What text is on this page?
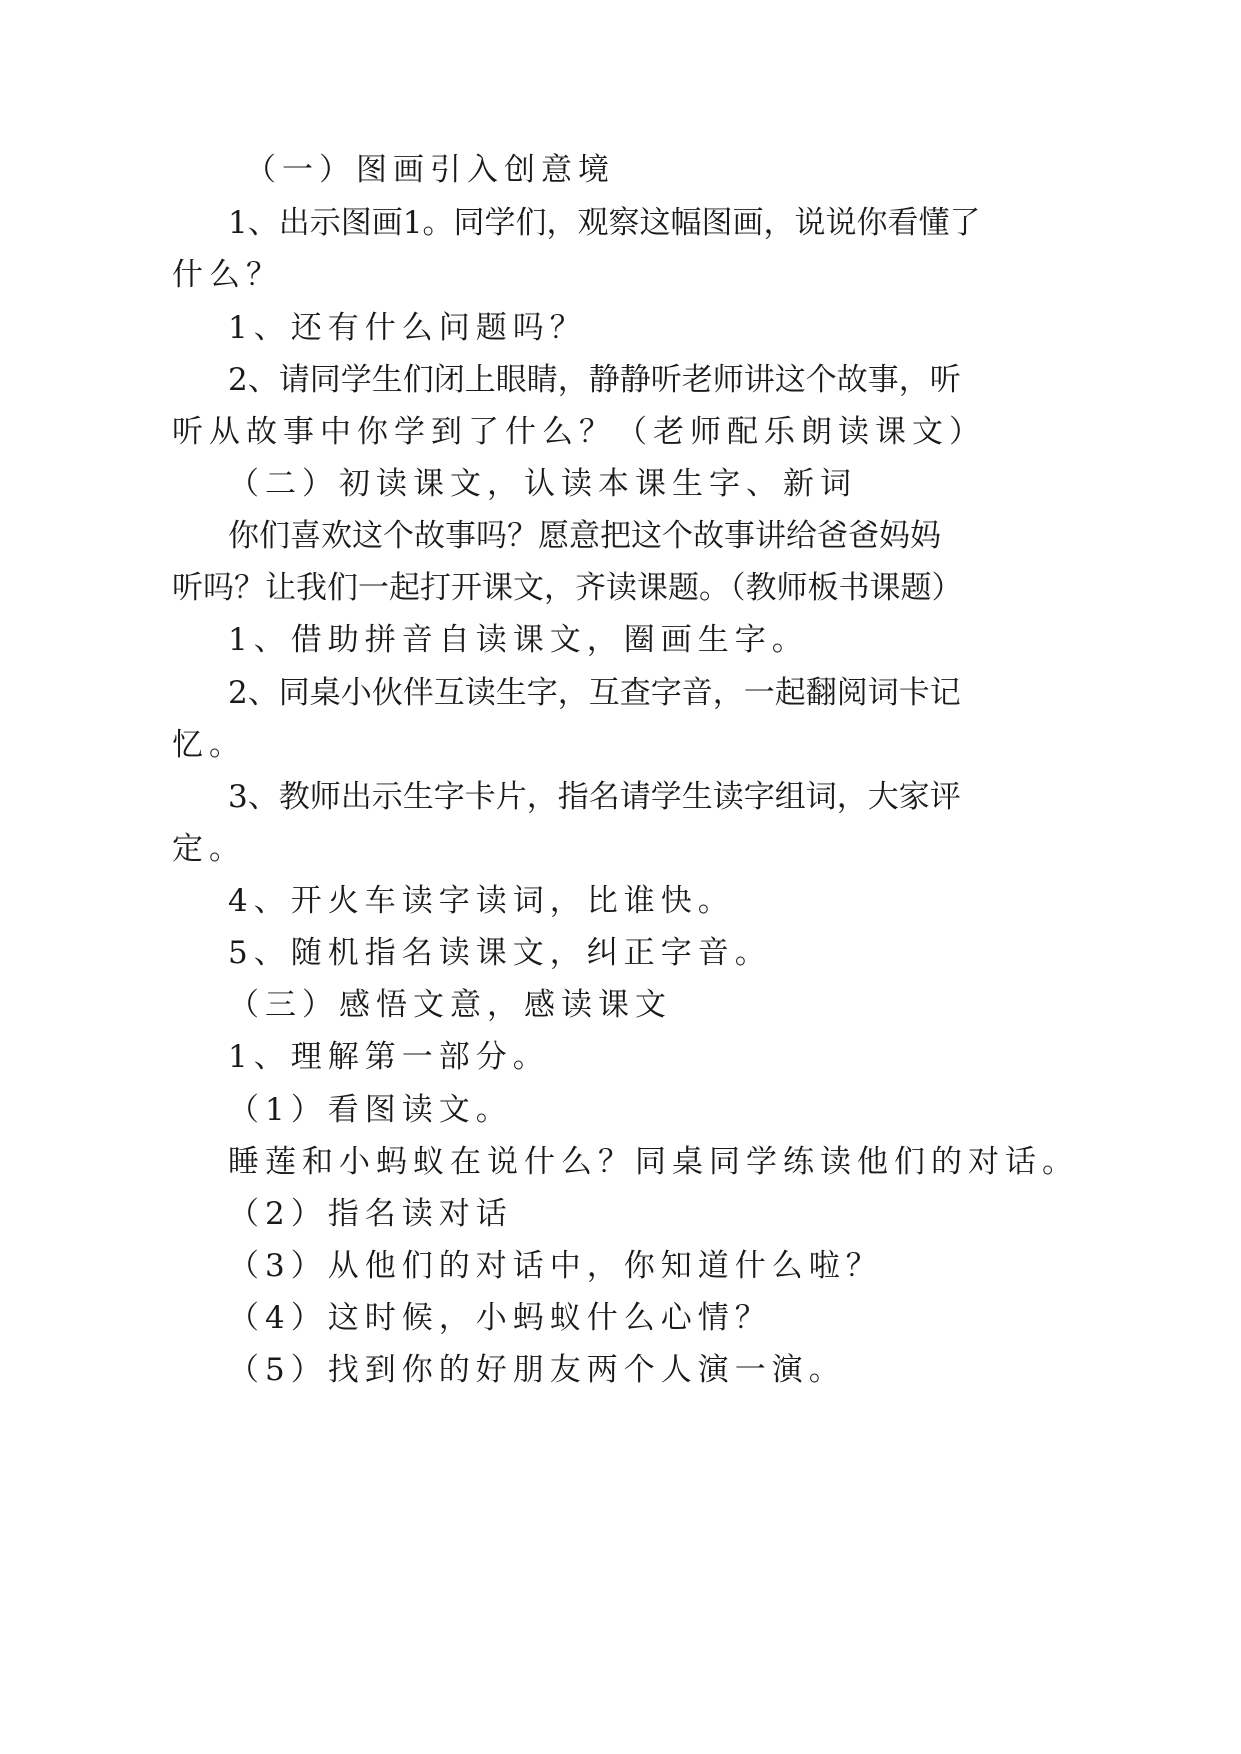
（一）图画引入创意境
1、出示图画1。同学们，观察这幅图画，说说你看懂了
什么？
1、还有什么问题吗？
2、请同学生们闭上眼睛，静静听老师讲这个故事，听
听从故事中你学到了什么？（老师配乐朗读课文）
（二）初读课文，认读本课生字、新词
你们喜欢这个故事吗？愿意把这个故事讲给爸爸妈妈
听吗？让我们一起打开课文，齐读课题。（教师板书课题）
1、借助拼音自读课文，圈画生字。
2、同桌小伙伴互读生字，互查字音，一起翻阅词卡记
忆。
3、教师出示生字卡片，指名请学生读字组词，大家评
定。
4、开火车读字读词，比谁快。
5、随机指名读课文，纠正字音。
（三）感悟文意，感读课文
1、理解第一部分。
（1）看图读文。
睡莲和小蚂蚁在说什么？同桌同学练读他们的对话。
（2）指名读对话
（3）从他们的对话中，你知道什么啦？
（4）这时候，小蚂蚁什么心情？
（5）找到你的好朋友两个人演一演。
